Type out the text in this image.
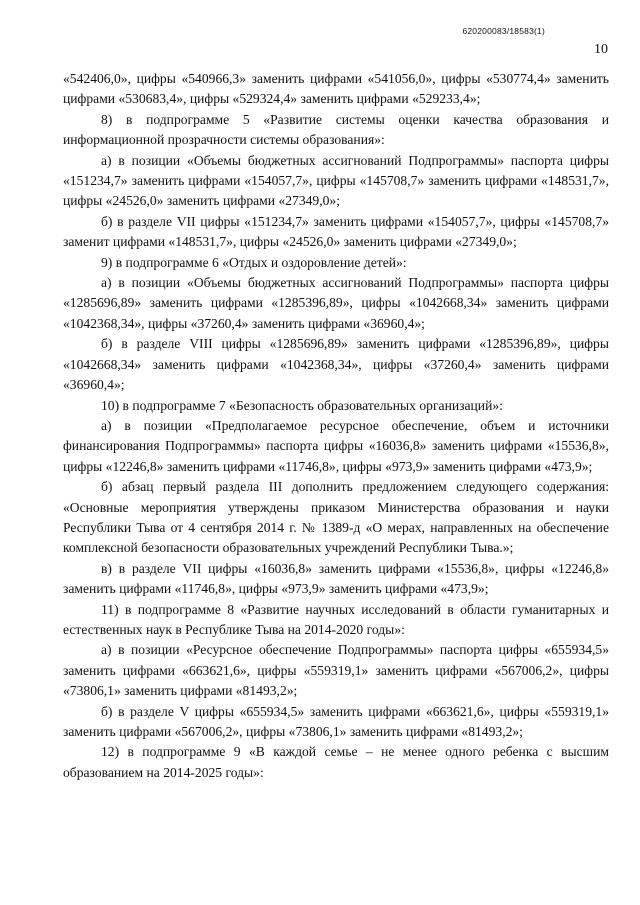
620200083/18583(1)
10

«542406,0», цифры «540966,3» заменить цифрами «541056,0», цифры «530774,4» заменить цифрами «530683,4», цифры «529324,4» заменить цифрами «529233,4»;

8) в подпрограмме 5 «Развитие системы оценки качества образования и информационной прозрачности системы образования»:

а) в позиции «Объемы бюджетных ассигнований Подпрограммы» паспорта цифры «151234,7» заменить цифрами «154057,7», цифры «145708,7» заменить цифрами «148531,7», цифры «24526,0» заменить цифрами «27349,0»;

б) в разделе VII цифры «151234,7» заменить цифрами «154057,7», цифры «145708,7» заменит цифрами «148531,7», цифры «24526,0» заменить цифрами «27349,0»;

9) в подпрограмме 6 «Отдых и оздоровление детей»:

а) в позиции «Объемы бюджетных ассигнований Подпрограммы» паспорта цифры «1285696,89» заменить цифрами «1285396,89», цифры «1042668,34» заменить цифрами «1042368,34», цифры «37260,4» заменить цифрами «36960,4»;

б) в разделе VIII цифры «1285696,89» заменить цифрами «1285396,89», цифры «1042668,34» заменить цифрами «1042368,34», цифры «37260,4» заменить цифрами «36960,4»;

10) в подпрограмме 7 «Безопасность образовательных организаций»:

а) в позиции «Предполагаемое ресурсное обеспечение, объем и источники финансирования Подпрограммы» паспорта цифры «16036,8» заменить цифрами «15536,8», цифры «12246,8» заменить цифрами «11746,8», цифры «973,9» заменить цифрами «473,9»;

б) абзац первый раздела III дополнить предложением следующего содержания: «Основные мероприятия утверждены приказом Министерства образования и науки Республики Тыва от 4 сентября 2014 г. № 1389-д «О мерах, направленных на обеспечение комплексной безопасности образовательных учреждений Республики Тыва.»;

в) в разделе VII цифры «16036,8» заменить цифрами «15536,8», цифры «12246,8» заменить цифрами «11746,8», цифры «973,9» заменить цифрами «473,9»;

11) в подпрограмме 8 «Развитие научных исследований в области гуманитарных и естественных наук в Республике Тыва на 2014-2020 годы»:

а) в позиции «Ресурсное обеспечение Подпрограммы» паспорта цифры «655934,5» заменить цифрами «663621,6», цифры «559319,1» заменить цифрами «567006,2», цифры «73806,1» заменить цифрами «81493,2»;

б) в разделе V цифры «655934,5» заменить цифрами «663621,6», цифры «559319,1» заменить цифрами «567006,2», цифры «73806,1» заменить цифрами «81493,2»;

12) в подпрограмме 9 «В каждой семье – не менее одного ребенка с высшим образованием на 2014-2025 годы»:
